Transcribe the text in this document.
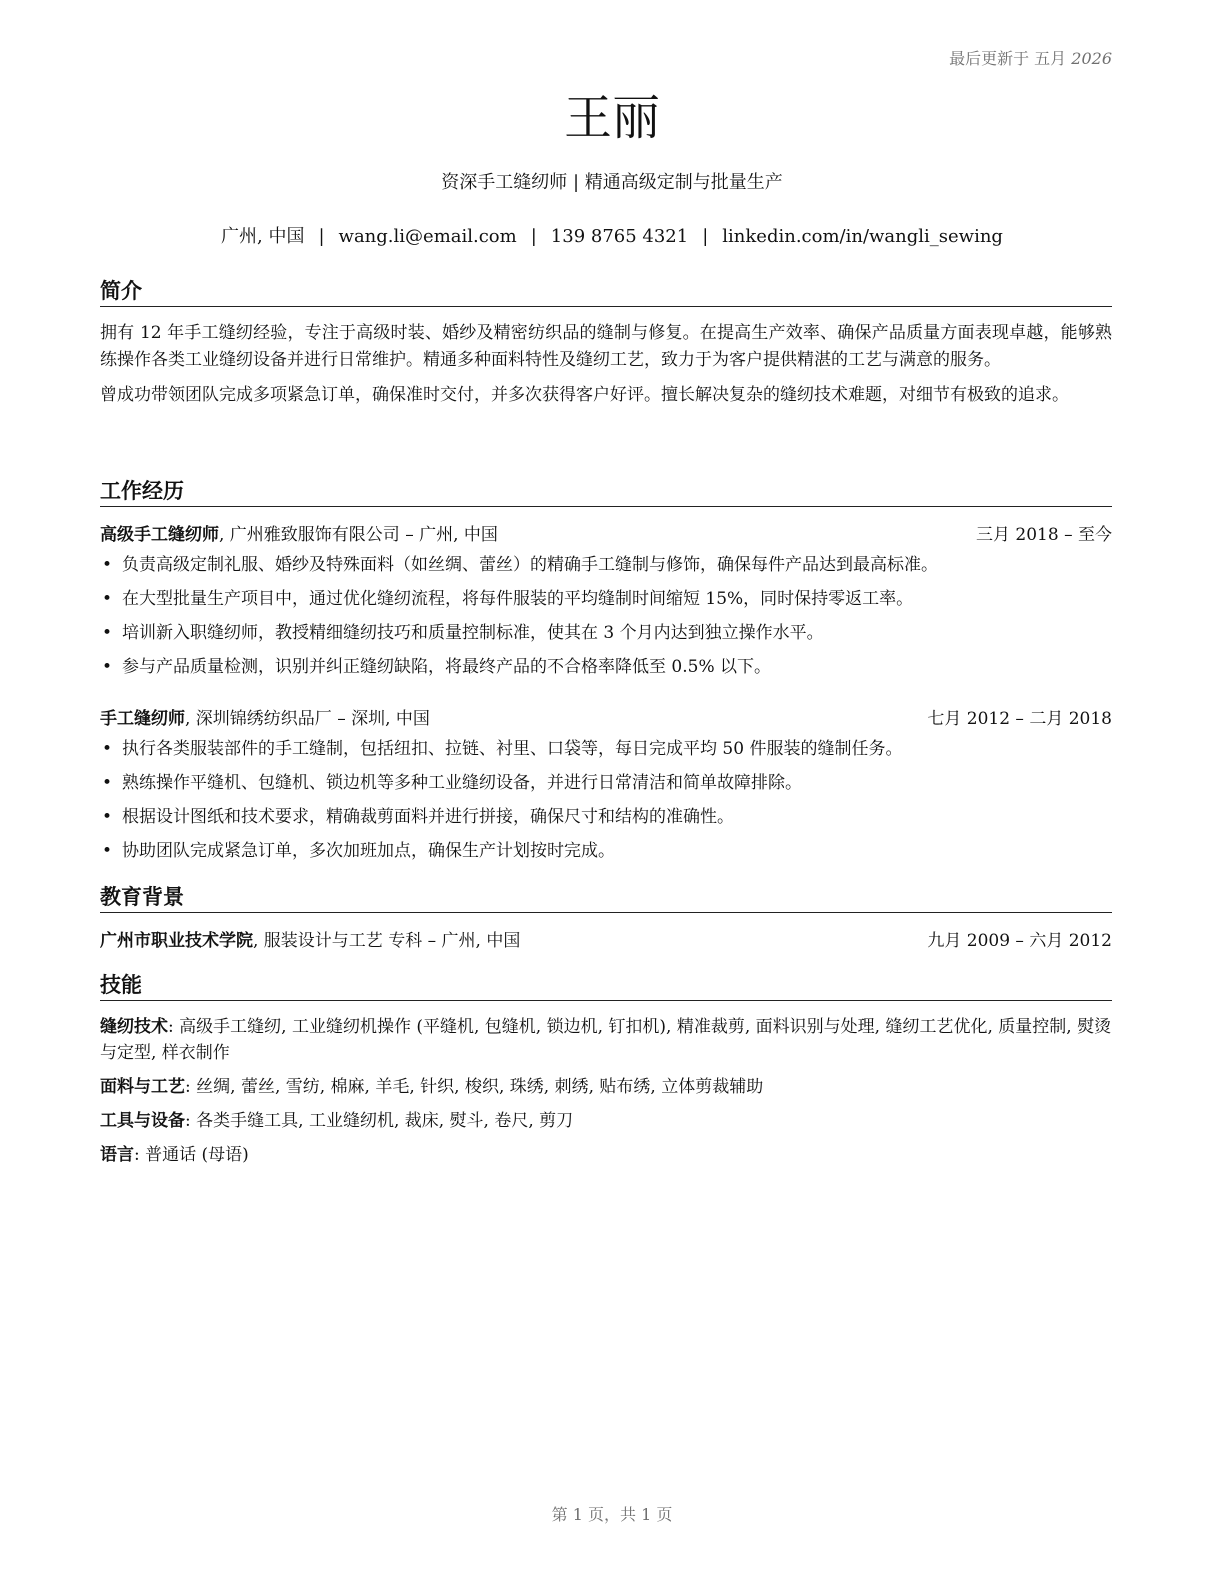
最后更新于 五月 2026
王丽
资深手工缝纫师 | 精通高级定制与批量生产
广州, 中国 | wang.li@email.com | 139 8765 4321 | linkedin.com/in/wangli_sewing
简介

拥有 12 年手工缝纫经验，专注于高级时装、婚纱及精密纺织品的缝制与修复。在提高生产效率、确保产品质量方面表现卓越，能够熟练操作各类工业缝纫设备并进行日常维护。精通多种面料特性及缝纫工艺，致力于为客户提供精湛的工艺与满意的服务。

曾成功带领团队完成多项紧急订单，确保准时交付，并多次获得客户好评。擅长解决复杂的缝纫技术难题，对细节有极致的追求。

工作经历
高级手工缝纫师, 广州雅致服饰有限公司 – 广州, 中国	三月 2018 – 至今
• 负责高级定制礼服、婚纱及特殊面料（如丝绸、蕾丝）的精确手工缝制与修饰，确保每件产品达到最高标准。
• 在大型批量生产项目中，通过优化缝纫流程，将每件服装的平均缝制时间缩短 15%，同时保持零返工率。
• 培训新入职缝纫师，教授精细缝纫技巧和质量控制标准，使其在 3 个月内达到独立操作水平。
• 参与产品质量检测，识别并纠正缝纫缺陷，将最终产品的不合格率降低至 0.5% 以下。
手工缝纫师, 深圳锦绣纺织品厂 – 深圳, 中国	七月 2012 – 二月 2018
• 执行各类服装部件的手工缝制，包括纽扣、拉链、衬里、口袋等，每日完成平均 50 件服装的缝制任务。
• 熟练操作平缝机、包缝机、锁边机等多种工业缝纫设备，并进行日常清洁和简单故障排除。
• 根据设计图纸和技术要求，精确裁剪面料并进行拼接，确保尺寸和结构的准确性。
• 协助团队完成紧急订单，多次加班加点，确保生产计划按时完成。
教育背景
广州市职业技术学院, 服装设计与工艺 专科 – 广州, 中国	九月 2009 – 六月 2012
技能

缝纫技术: 高级手工缝纫, 工业缝纫机操作 (平缝机, 包缝机, 锁边机, 钉扣机), 精准裁剪, 面料识别与处理, 缝纫工艺优化, 质量控制, 熨烫与定型, 样衣制作

面料与工艺: 丝绸, 蕾丝, 雪纺, 棉麻, 羊毛, 针织, 梭织, 珠绣, 刺绣, 贴布绣, 立体剪裁辅助

工具与设备: 各类手缝工具, 工业缝纫机, 裁床, 熨斗, 卷尺, 剪刀

语言: 普通话 (母语)

第 1 页，共 1 页
